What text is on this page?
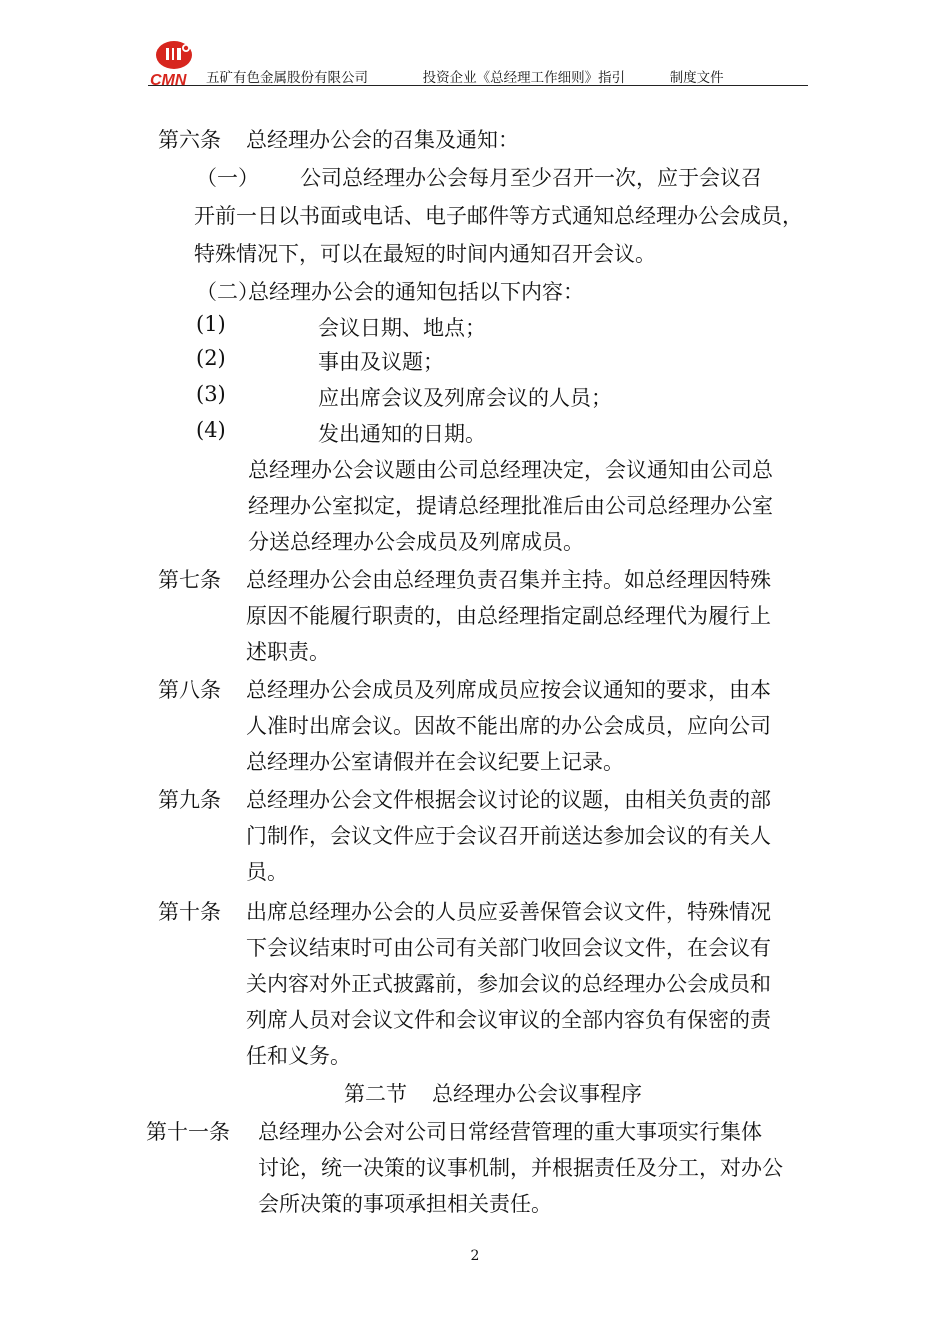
CMN 五矿有色金属股份有限公司	投资企业《总经理工作细则》指引	制度文件
第六条 总经理办公会的召集及通知：
（一） 公司总经理办公会每月至少召开一次，应于会议召
开前一日以书面或电话、电子邮件等方式通知总经理办公会成员，
特殊情况下，可以在最短的时间内通知召开会议。
（二）
总经理办公会的通知包括以下内容：
(1)	会议日期、地点；
(2)	事由及议题；
(3)	应出席会议及列席会议的人员；
(4)	发出通知的日期。
总经理办公会议题由公司总经理决定，会议通知由公司总
经理办公室拟定，提请总经理批准后由公司总经理办公室
分送总经理办公会成员及列席成员。
第七条 总经理办公会由总经理负责召集并主持。如总经理因特殊
原因不能履行职责的，由总经理指定副总经理代为履行上
述职责。
第八条 总经理办公会成员及列席成员应按会议通知的要求，由本
人准时出席会议。因故不能出席的办公会成员，应向公司
总经理办公室请假并在会议纪要上记录。
第九条 总经理办公会文件根据会议讨论的议题，由相关负责的部
门制作，会议文件应于会议召开前送达参加会议的有关人
员。
第十条 出席总经理办公会的人员应妥善保管会议文件，特殊情况
下会议结束时可由公司有关部门收回会议文件，在会议有
关内容对外正式披露前，参加会议的总经理办公会成员和
列席人员对会议文件和会议审议的全部内容负有保密的责
任和义务。
第二节 总经理办公会议事程序
第十一条 总经理办公会对公司日常经营管理的重大事项实行集体
讨论，统一决策的议事机制，并根据责任及分工，对办公
会所决策的事项承担相关责任。
2
